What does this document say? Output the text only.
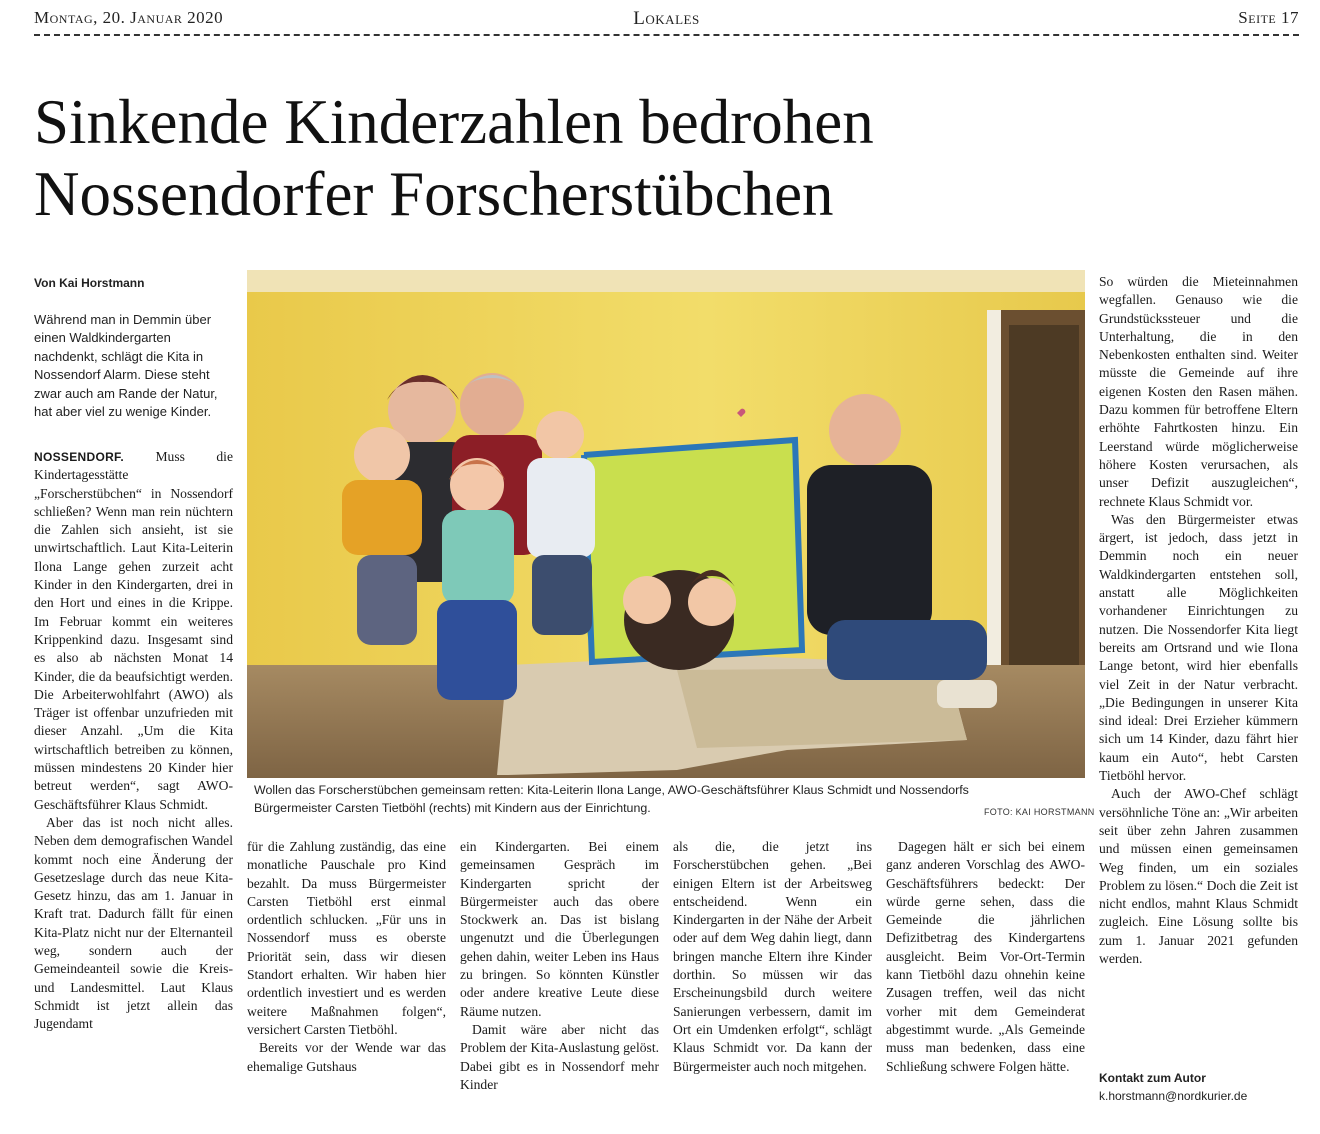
Montag, 20. Januar 2020	Lokales	Seite 17
Sinkende Kinderzahlen bedrohen
Nossendorfer Forscherstübchen
Von Kai Horstmann
Während man in Demmin über einen Waldkindergarten nachdenkt, schlägt die Kita in Nossendorf Alarm. Diese steht zwar auch am Rande der Natur, hat aber viel zu wenige Kinder.
Wollen das Forscherstübchen gemeinsam retten: Kita-Leiterin Ilona Lange, AWO-Geschäftsführer Klaus Schmidt und Nossendorfs
Bürgermeister Carsten Tietböhl (rechts) mit Kindern aus der Einrichtung.	FOTO: KAI HORSTMANN

NOSSENDORF. Muss die Kindertagesstätte „Forscherstübchen“ in Nossendorf schließen? Wenn man rein nüchtern die Zahlen sich ansieht, ist sie unwirtschaftlich. Laut Kita-Leiterin Ilona Lange gehen zurzeit acht Kinder in den Kindergarten, drei in den Hort und eines in die Krippe. Im Februar kommt ein weiteres Krippenkind dazu. Insgesamt sind es also ab nächsten Monat 14 Kinder, die da beaufsichtigt werden. Die Arbeiterwohlfahrt (AWO) als Träger ist offenbar unzufrieden mit dieser Anzahl. „Um die Kita wirtschaftlich betreiben zu können, müssen mindestens 20 Kinder hier betreut werden“, sagt AWO-Geschäftsführer Klaus Schmidt.

Aber das ist noch nicht alles. Neben dem demografischen Wandel kommt noch eine Änderung der Gesetzeslage durch das neue Kita-Gesetz hinzu, das am 1. Januar in Kraft trat. Dadurch fällt für einen Kita-Platz nicht nur der Elternanteil weg, sondern auch der Gemeindeanteil sowie die Kreis- und Landesmittel. Laut Klaus Schmidt ist jetzt allein das Jugendamt

für die Zahlung zuständig, das eine monatliche Pauschale pro Kind bezahlt. Da muss Bürgermeister Carsten Tietböhl erst einmal ordentlich schlucken. „Für uns in Nossendorf muss es oberste Priorität sein, dass wir diesen Standort erhalten. Wir haben hier ordentlich investiert und es werden weitere Maßnahmen folgen“, versichert Carsten Tietböhl.

Bereits vor der Wende war das ehemalige Gutshaus

ein Kindergarten. Bei einem gemeinsamen Gespräch im Kindergarten spricht der Bürgermeister auch das obere Stockwerk an. Das ist bislang ungenutzt und die Überlegungen gehen dahin, weiter Leben ins Haus zu bringen. So könnten Künstler oder andere kreative Leute diese Räume nutzen.

Damit wäre aber nicht das Problem der Kita-Auslastung gelöst. Dabei gibt es in Nossendorf mehr Kinder

als die, die jetzt ins Forscherstübchen gehen. „Bei einigen Eltern ist der Arbeitsweg entscheidend. Wenn ein Kindergarten in der Nähe der Arbeit oder auf dem Weg dahin liegt, dann bringen manche Eltern ihre Kinder dorthin. So müssen wir das Erscheinungsbild durch weitere Sanierungen verbessern, damit im Ort ein Umdenken erfolgt“, schlägt Klaus Schmidt vor. Da kann der Bürgermeister auch noch mitgehen.

Dagegen hält er sich bei einem ganz anderen Vorschlag des AWO-Geschäftsführers bedeckt: Der würde gerne sehen, dass die Gemeinde die jährlichen Defizitbetrag des Kindergartens ausgleicht. Beim Vor-Ort-Termin kann Tietböhl dazu ohnehin keine Zusagen treffen, weil das nicht vorher mit dem Gemeinderat abgestimmt wurde. „Als Gemeinde muss man bedenken, dass eine Schließung schwere Folgen hätte.

So würden die Mieteinnahmen wegfallen. Genauso wie die Grundstückssteuer und die Unterhaltung, die in den Nebenkosten enthalten sind. Weiter müsste die Gemeinde auf ihre eigenen Kosten den Rasen mähen. Dazu kommen für betroffene Eltern erhöhte Fahrtkosten hinzu. Ein Leerstand würde möglicherweise höhere Kosten verursachen, als unser Defizit auszugleichen“, rechnete Klaus Schmidt vor.

Was den Bürgermeister etwas ärgert, ist jedoch, dass jetzt in Demmin noch ein neuer Waldkindergarten entstehen soll, anstatt alle Möglichkeiten vorhandener Einrichtungen zu nutzen. Die Nossendorfer Kita liegt bereits am Ortsrand und wie Ilona Lange betont, wird hier ebenfalls viel Zeit in der Natur verbracht. „Die Bedingungen in unserer Kita sind ideal: Drei Erzieher kümmern sich um 14 Kinder, dazu fährt hier kaum ein Auto“, hebt Carsten Tietböhl hervor.

Auch der AWO-Chef schlägt versöhnliche Töne an: „Wir arbeiten seit über zehn Jahren zusammen und müssen einen gemeinsamen Weg finden, um ein soziales Problem zu lösen.“ Doch die Zeit ist nicht endlos, mahnt Klaus Schmidt zugleich. Eine Lösung sollte bis zum 1. Januar 2021 gefunden werden.

Kontakt zum Autor
k.horstmann@nordkurier.de
